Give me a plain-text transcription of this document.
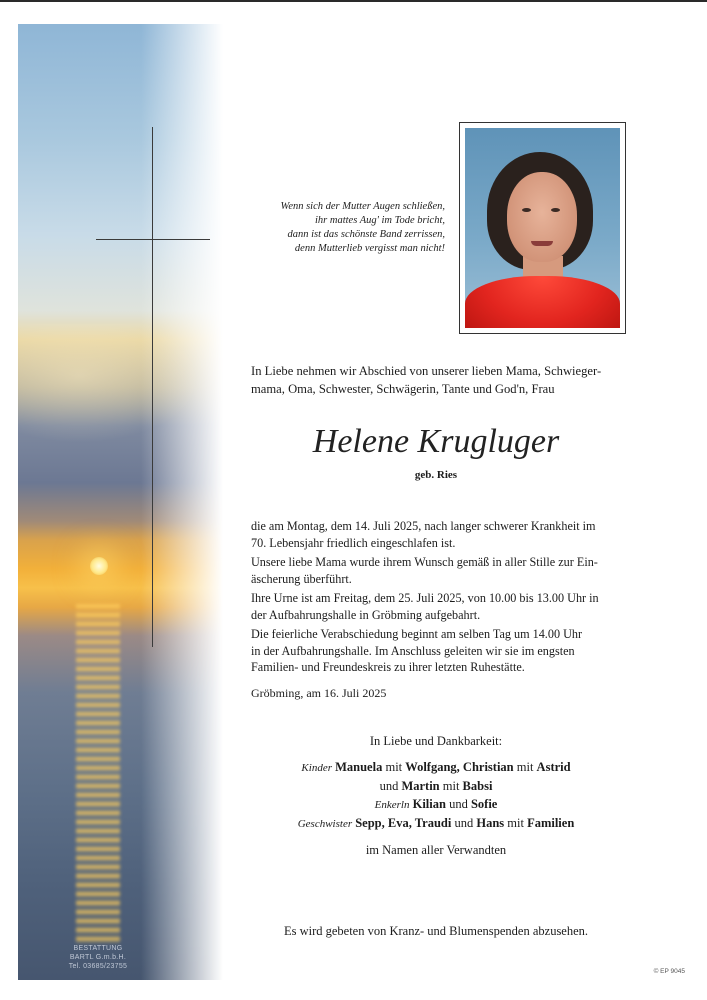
BESTATTUNG
BARTL G.m.b.H.
Tel. 03685/23755
Wenn sich der Mutter Augen schließen,
ihr mattes Aug' im Tode bricht,
dann ist das schönste Band zerrissen,
denn Mutterlieb vergisst man nicht!
In Liebe nehmen wir Abschied von unserer lieben Mama, Schwieger-
mama, Oma, Schwester, Schwägerin, Tante und God'n, Frau
Helene Krugluger
geb. Ries
die am Montag, dem 14. Juli 2025, nach langer schwerer Krankheit im
70. Lebensjahr friedlich eingeschlafen ist.
Unsere liebe Mama wurde ihrem Wunsch gemäß in aller Stille zur Ein-
äscherung überführt.
Ihre Urne ist am Freitag, dem 25. Juli 2025, von 10.00 bis 13.00 Uhr in
der Aufbahrungshalle in Gröbming aufgebahrt.
Die feierliche Verabschiedung beginnt am selben Tag um 14.00 Uhr
in der Aufbahrungshalle. Im Anschluss geleiten wir sie im engsten
Familien- und Freundeskreis zu ihrer letzten Ruhestätte.
Gröbming, am 16. Juli 2025
In Liebe und Dankbarkeit:
Kinder Manuela mit Wolfgang, Christian mit Astrid
und Martin mit Babsi
Enkerln Kilian und Sofie
Geschwister Sepp, Eva, Traudi und Hans mit Familien
im Namen aller Verwandten
Es wird gebeten von Kranz- und Blumenspenden abzusehen.
© EP 9045
